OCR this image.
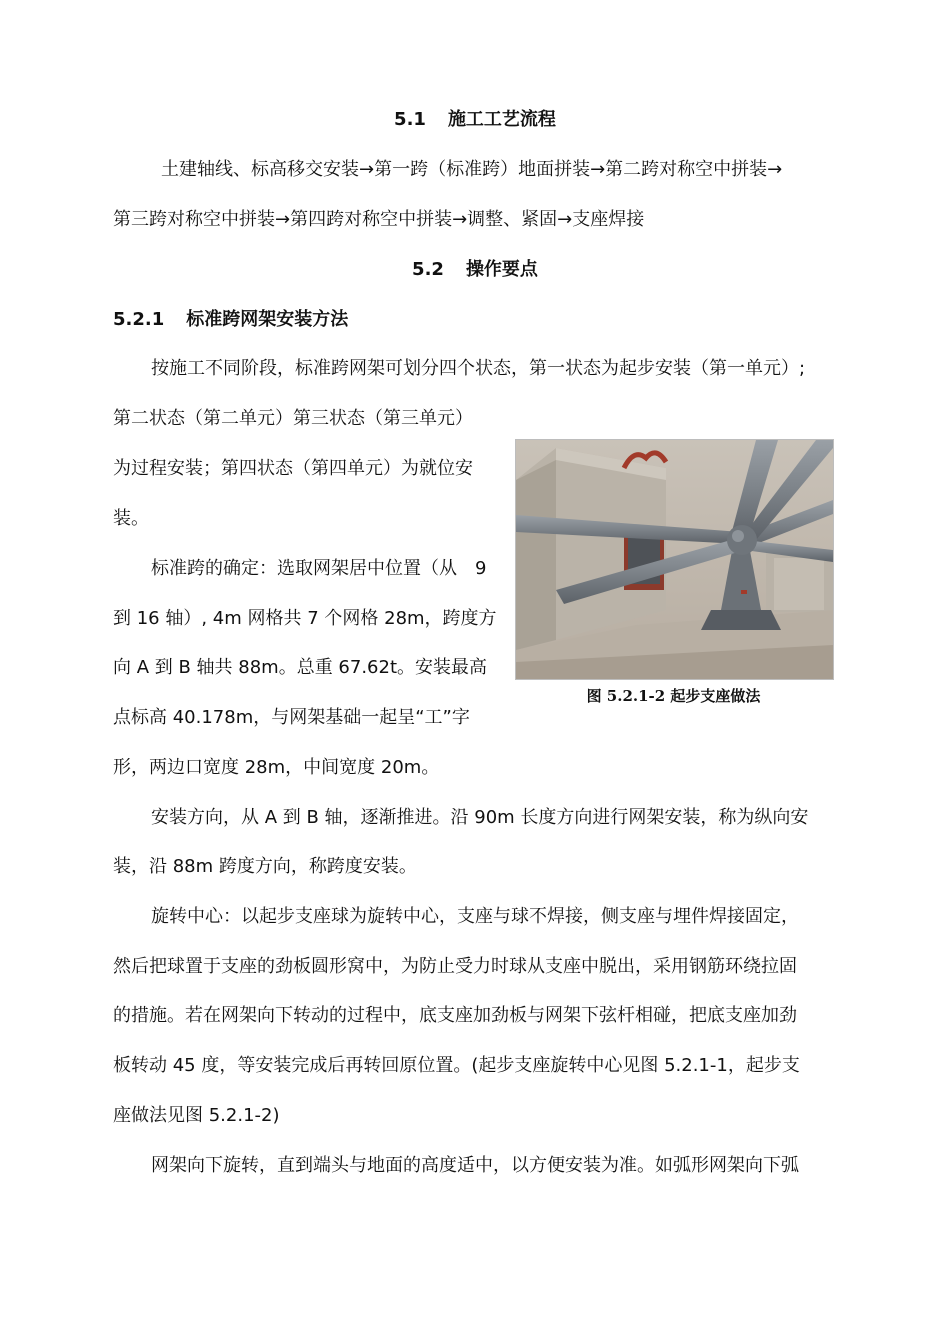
5.1 施工工艺流程
土建轴线、标高移交安装→第一跨（标准跨）地面拼装→第二跨对称空中拼装→
第三跨对称空中拼装→第四跨对称空中拼装→调整、紧固→支座焊接
5.2 操作要点
5.2.1 标准跨网架安装方法
按施工不同阶段，标准跨网架可划分四个状态，第一状态为起步安装（第一单元）;
第二状态（第二单元）第三状态（第三单元）
为过程安装；第四状态（第四单元）为就位安
装。
标准跨的确定：选取网架居中位置（从　9
到 16 轴）, 4m 网格共 7 个网格 28m，跨度方
向 A 到 B 轴共 88m。总重 67.62t。安装最高
点标高 40.178m，与网架基础一起呈“工”字
形，两边口宽度 28m，中间宽度 20m。
图 5.2.1-2 起步支座做法
安装方向，从 A 到 B 轴，逐渐推进。沿 90m 长度方向进行网架安装，称为纵向安
装，沿 88m 跨度方向，称跨度安装。
旋转中心：以起步支座球为旋转中心，支座与球不焊接，侧支座与埋件焊接固定，
然后把球置于支座的劲板圆形窝中，为防止受力时球从支座中脱出，采用钢筋环绕拉固
的措施。若在网架向下转动的过程中，底支座加劲板与网架下弦杆相碰，把底支座加劲
板转动 45 度，等安装完成后再转回原位置。(起步支座旋转中心见图 5.2.1-1，起步支
座做法见图 5.2.1-2)
网架向下旋转，直到端头与地面的高度适中，以方便安装为准。如弧形网架向下弧
